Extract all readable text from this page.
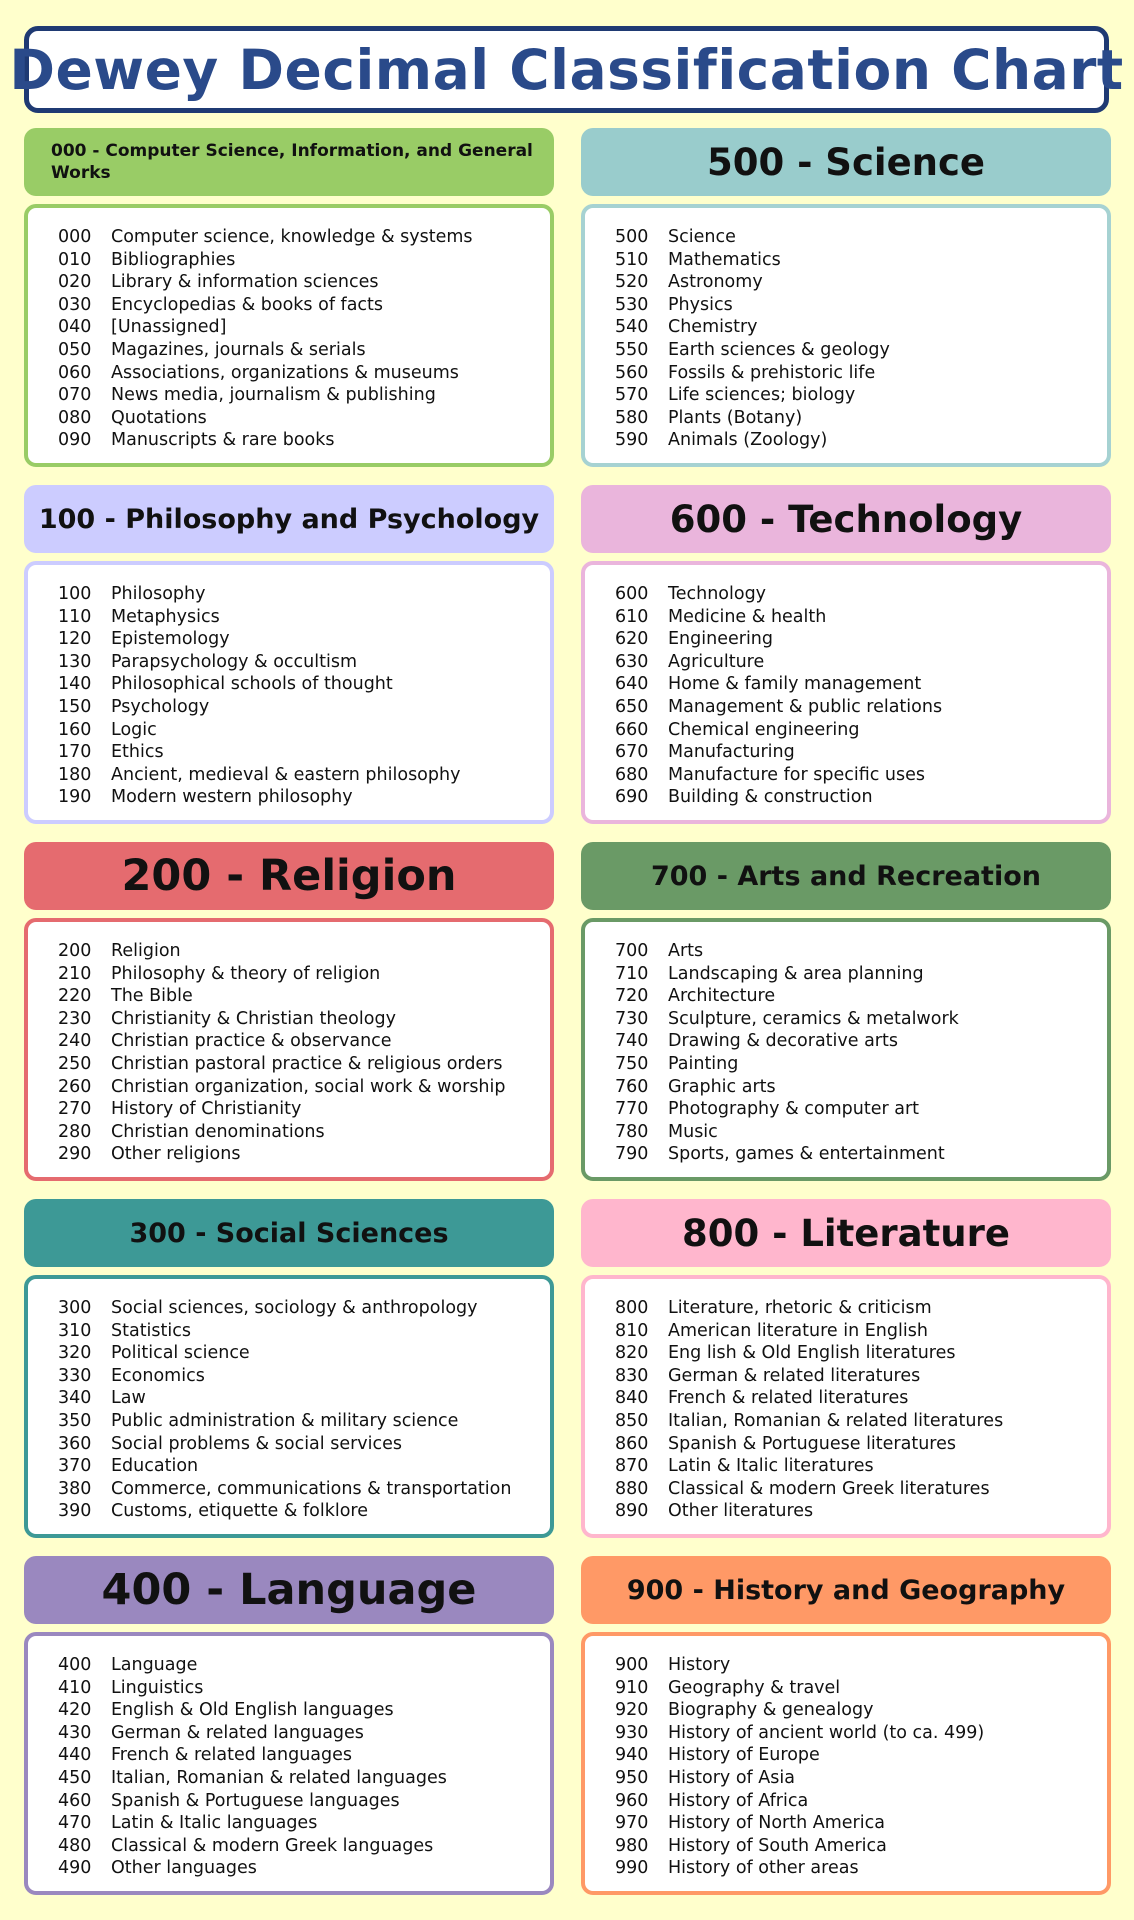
Dewey Decimal Classification Chart
000 - Computer Science, Information, and General Works
000	Computer science, knowledge & systems
010	Bibliographies
020	Library & information sciences
030	Encyclopedias & books of facts
040	[Unassigned]
050	Magazines, journals & serials
060	Associations, organizations & museums
070	News media, journalism & publishing
080	Quotations
090	Manuscripts & rare books
100 - Philosophy and Psychology
100	Philosophy
110	Metaphysics
120	Epistemology
130	Parapsychology & occultism
140	Philosophical schools of thought
150	Psychology
160	Logic
170	Ethics
180	Ancient, medieval & eastern philosophy
190	Modern western philosophy
200 - Religion
200	Religion
210	Philosophy & theory of religion
220	The Bible
230	Christianity & Christian theology
240	Christian practice & observance
250	Christian pastoral practice & religious orders
260	Christian organization, social work & worship
270	History of Christianity
280	Christian denominations
290	Other religions
300 - Social Sciences
300	Social sciences, sociology & anthropology
310	Statistics
320	Political science
330	Economics
340	Law
350	Public administration & military science
360	Social problems & social services
370	Education
380	Commerce, communications & transportation
390	Customs, etiquette & folklore
400 - Language
400	Language
410	Linguistics
420	English & Old English languages
430	German & related languages
440	French & related languages
450	Italian, Romanian & related languages
460	Spanish & Portuguese languages
470	Latin & Italic languages
480	Classical & modern Greek languages
490	Other languages
500 - Science
500	Science
510	Mathematics
520	Astronomy
530	Physics
540	Chemistry
550	Earth sciences & geology
560	Fossils & prehistoric life
570	Life sciences; biology
580	Plants (Botany)
590	Animals (Zoology)
600 - Technology
600	Technology
610	Medicine & health
620	Engineering
630	Agriculture
640	Home & family management
650	Management & public relations
660	Chemical engineering
670	Manufacturing
680	Manufacture for specific uses
690	Building & construction
700 - Arts and Recreation
700	Arts
710	Landscaping & area planning
720	Architecture
730	Sculpture, ceramics & metalwork
740	Drawing & decorative arts
750	Painting
760	Graphic arts
770	Photography & computer art
780	Music
790	Sports, games & entertainment
800 - Literature
800	Literature, rhetoric & criticism
810	American literature in English
820	Eng lish & Old English literatures
830	German & related literatures
840	French & related literatures
850	Italian, Romanian & related literatures
860	Spanish & Portuguese literatures
870	Latin & Italic literatures
880	Classical & modern Greek literatures
890	Other literatures
900 - History and Geography
900	History
910	Geography & travel
920	Biography & genealogy
930	History of ancient world (to ca. 499)
940	History of Europe
950	History of Asia
960	History of Africa
970	History of North America
980	History of South America
990	History of other areas
